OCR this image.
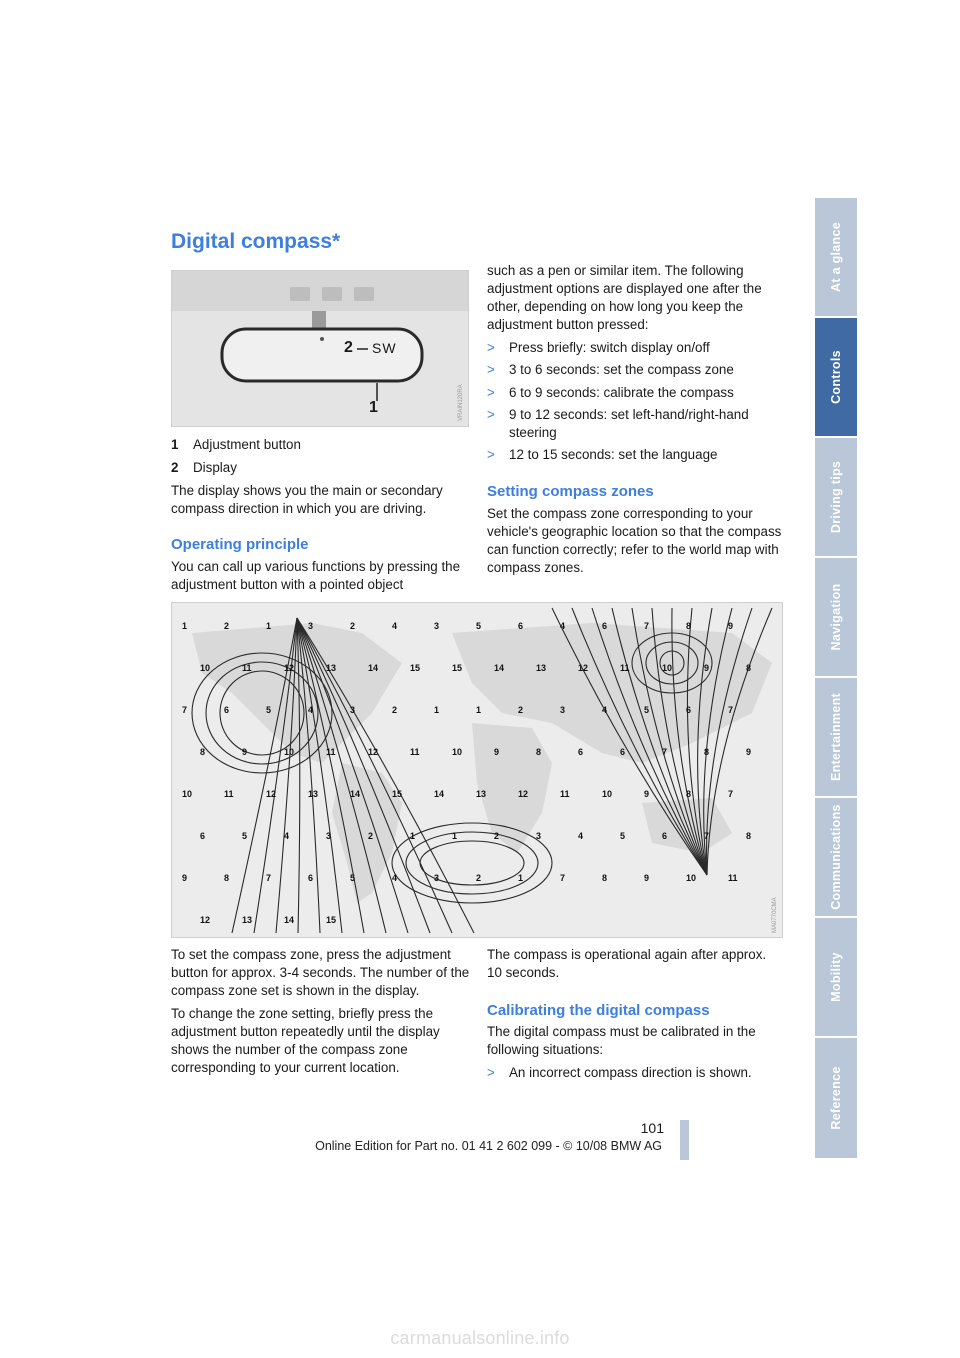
At a glance
Controls
Driving tips
Navigation
Entertainment
Communications
Mobility
Reference
Digital compass*
2 SW
1	VRAIN120RA
1 Adjustment button
2 Display
The display shows you the main or secondary compass direction in which you are driving.
Operating principle
You can call up various functions by pressing the adjustment button with a pointed object
such as a pen or similar item. The following adjustment options are displayed one after the other, depending on how long you keep the adjustment button pressed:
> Press briefly: switch display on/off
> 3 to 6 seconds: set the compass zone
> 6 to 9 seconds: calibrate the compass
> 9 to 12 seconds: set left-hand/right-hand steering
> 12 to 15 seconds: set the language
Setting compass zones
Set the compass zone corresponding to your vehicle's geographic location so that the compass can function correctly; refer to the world map with compass zones.
1	2	1	3	2	4	3	5	6	4	6	7	8	9
10	11	12	13	14	15	15	14	13	12	11	10	9	8
7	6	5	4	3	2	1	1	2	3	4	5	6	7
8	9	10	11	12	11	10	9	8	6	6	7	8	9
10	11	12	13	14	15	14	13	12	11	10	9	8	7
6	5	4	3	2	1	1	2	3	4	5	6	7	8
9	8	7	6	5	4	3	2	1	7	8	9	10	11
12	13	14	15	MA0770CMA
To set the compass zone, press the adjustment button for approx. 3-4 seconds. The number of the compass zone set is shown in the display.
To change the zone setting, briefly press the adjustment button repeatedly until the display shows the number of the compass zone corresponding to your current location.
The compass is operational again after approx. 10 seconds.
Calibrating the digital compass
The digital compass must be calibrated in the following situations:
> An incorrect compass direction is shown.
101
Online Edition for Part no. 01 41 2 602 099 - © 10/08 BMW AG
carmanualsonline.info
